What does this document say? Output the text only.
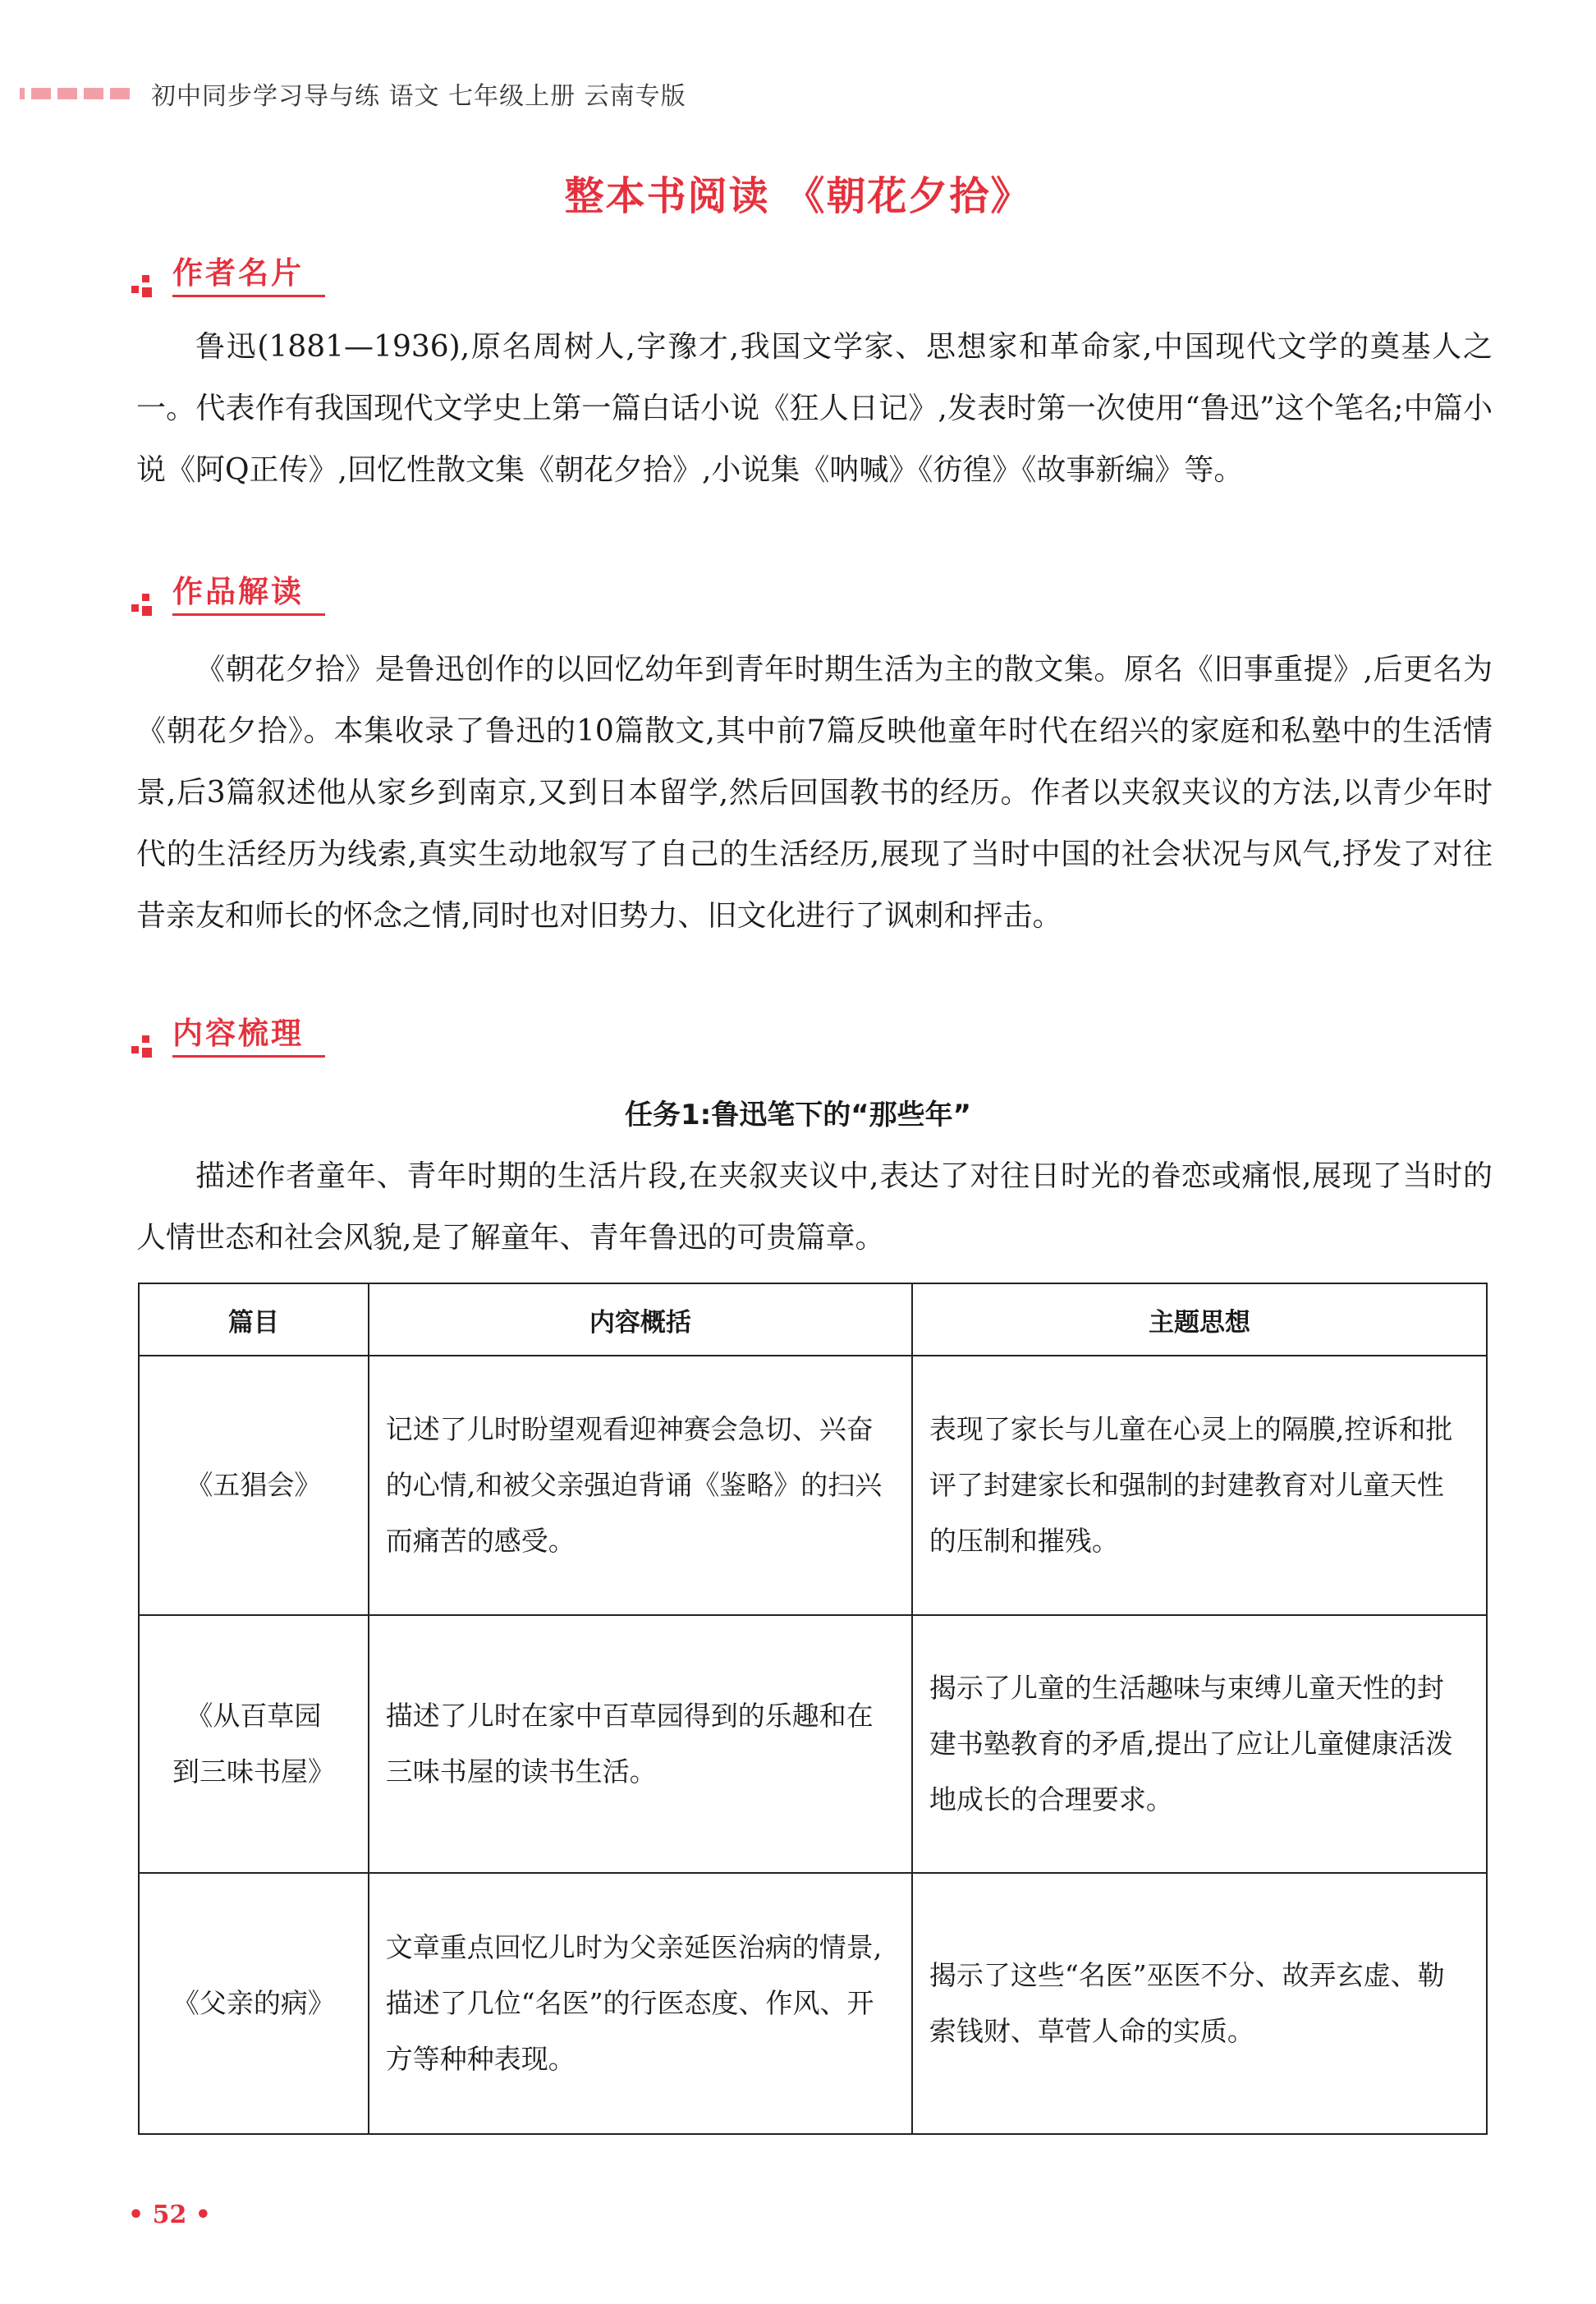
初中同步学习导与练 语文 七年级上册 云南专版
整本书阅读 《朝花夕拾》
作者名片

鲁迅(1881—1936),原名周树人,字豫才,我国文学家、思想家和革命家,中国现代文学的奠基人之一。代表作有我国现代文学史上第一篇白话小说《狂人日记》,发表时第一次使用“鲁迅”这个笔名;中篇小说《阿Q正传》,回忆性散文集《朝花夕拾》,小说集《呐喊》《彷徨》《故事新编》等。

作品解读

《朝花夕拾》是鲁迅创作的以回忆幼年到青年时期生活为主的散文集。原名《旧事重提》,后更名为《朝花夕拾》。本集收录了鲁迅的10篇散文,其中前7篇反映他童年时代在绍兴的家庭和私塾中的生活情景,后3篇叙述他从家乡到南京,又到日本留学,然后回国教书的经历。作者以夹叙夹议的方法,以青少年时代的生活经历为线索,真实生动地叙写了自己的生活经历,展现了当时中国的社会状况与风气,抒发了对往昔亲友和师长的怀念之情,同时也对旧势力、旧文化进行了讽刺和抨击。

内容梳理
任务1:鲁迅笔下的“那些年”

描述作者童年、青年时期的生活片段,在夹叙夹议中,表达了对往日时光的眷恋或痛恨,展现了当时的人情世态和社会风貌,是了解童年、青年鲁迅的可贵篇章。

篇目	内容概括	主题思想
《五猖会》	记述了儿时盼望观看迎神赛会急切、兴奋的心情,和被父亲强迫背诵《鉴略》的扫兴而痛苦的感受。	表现了家长与儿童在心灵上的隔膜,控诉和批评了封建家长和强制的封建教育对儿童天性的压制和摧残。
《从百草园到三味书屋》	描述了儿时在家中百草园得到的乐趣和在三味书屋的读书生活。	揭示了儿童的生活趣味与束缚儿童天性的封建书塾教育的矛盾,提出了应让儿童健康活泼地成长的合理要求。
《父亲的病》	文章重点回忆儿时为父亲延医治病的情景,描述了几位“名医”的行医态度、作风、开方等种种表现。	揭示了这些“名医”巫医不分、故弄玄虚、勒索钱财、草菅人命的实质。
• 52 •
